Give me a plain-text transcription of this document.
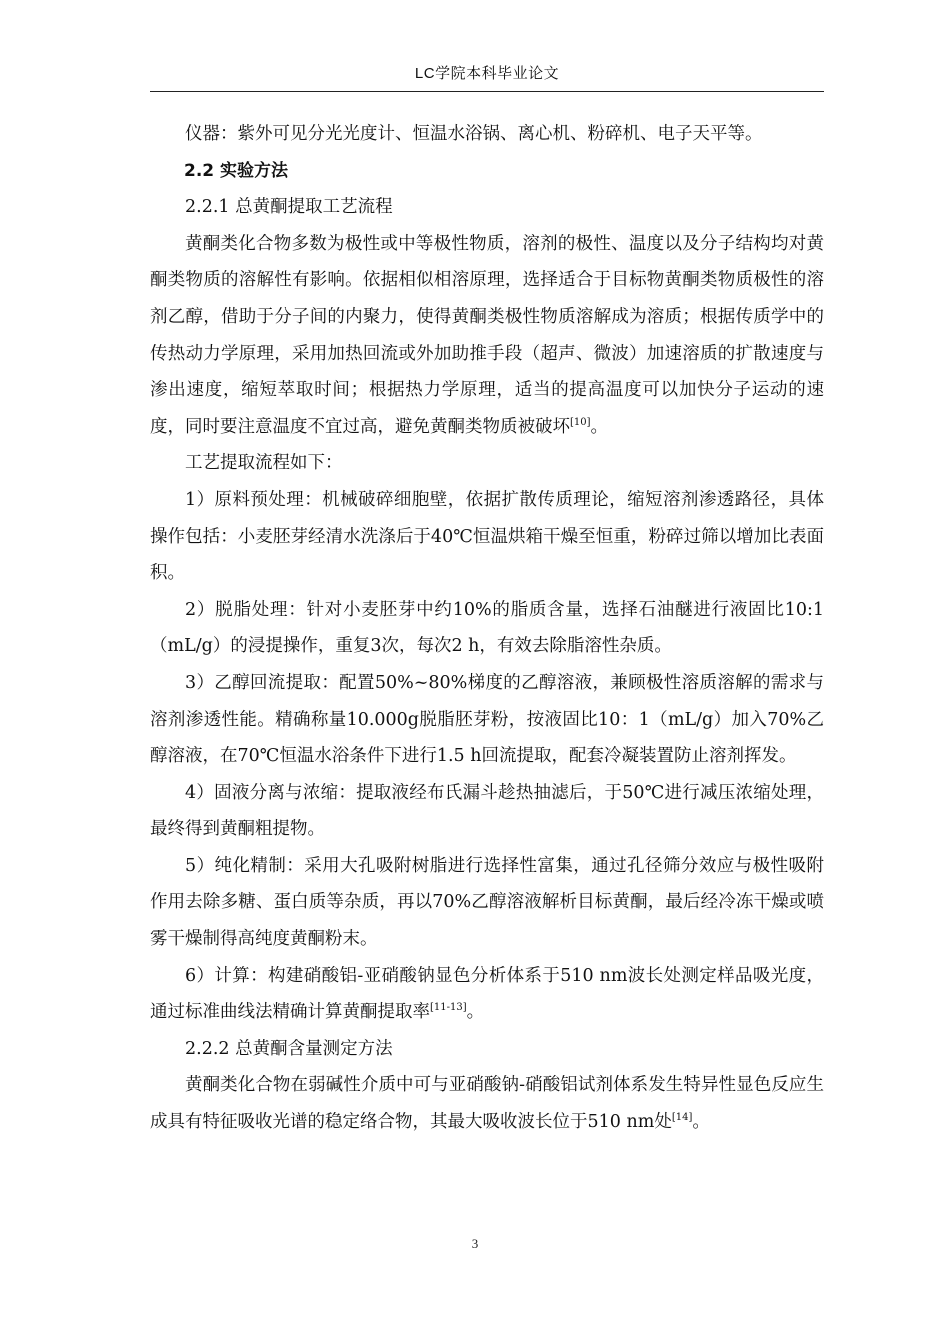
LC学院本科毕业论文

仪器：紫外可见分光光度计、恒温水浴锅、离心机、粉碎机、电子天平等。

2.2 实验方法

2.2.1 总黄酮提取工艺流程

黄酮类化合物多数为极性或中等极性物质，溶剂的极性、温度以及分子结构均对黄酮类物质的溶解性有影响。依据相似相溶原理，选择适合于目标物黄酮类物质极性的溶剂乙醇，借助于分子间的内聚力，使得黄酮类极性物质溶解成为溶质；根据传质学中的传热动力学原理，采用加热回流或外加助推手段（超声、微波）加速溶质的扩散速度与渗出速度，缩短萃取时间；根据热力学原理，适当的提高温度可以加快分子运动的速度，同时要注意温度不宜过高，避免黄酮类物质被破坏[10]。

工艺提取流程如下：

1）原料预处理：机械破碎细胞壁，依据扩散传质理论，缩短溶剂渗透路径，具体操作包括：小麦胚芽经清水洗涤后于40℃恒温烘箱干燥至恒重，粉碎过筛以增加比表面积。

2）脱脂处理：针对小麦胚芽中约10%的脂质含量，选择石油醚进行液固比10:1（mL/g）的浸提操作，重复3次，每次2 h，有效去除脂溶性杂质。

3）乙醇回流提取：配置50%~80%梯度的乙醇溶液，兼顾极性溶质溶解的需求与溶剂渗透性能。精确称量10.000g脱脂胚芽粉，按液固比10：1（mL/g）加入70%乙醇溶液，在70℃恒温水浴条件下进行1.5 h回流提取，配套冷凝装置防止溶剂挥发。

4）固液分离与浓缩：提取液经布氏漏斗趁热抽滤后，于50℃进行减压浓缩处理，最终得到黄酮粗提物。

5）纯化精制：采用大孔吸附树脂进行选择性富集，通过孔径筛分效应与极性吸附作用去除多糖、蛋白质等杂质，再以70%乙醇溶液解析目标黄酮，最后经冷冻干燥或喷雾干燥制得高纯度黄酮粉末。

6）计算：构建硝酸铝-亚硝酸钠显色分析体系于510 nm波长处测定样品吸光度，通过标准曲线法精确计算黄酮提取率[11-13]。

2.2.2 总黄酮含量测定方法

黄酮类化合物在弱碱性介质中可与亚硝酸钠-硝酸铝试剂体系发生特异性显色反应生成具有特征吸收光谱的稳定络合物，其最大吸收波长位于510 nm处[14]。

3
